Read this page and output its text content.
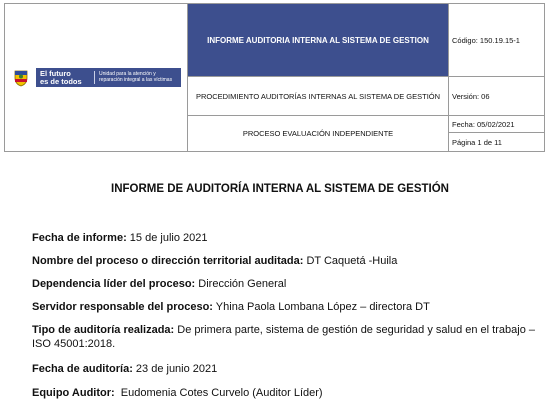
El futuro
es de todos
Unidad para la atención y reparación integral a las víctimas	INFORME AUDITORIA INTERNA AL SISTEMA DE GESTION	Código: 150.19.15-1
	PROCEDIMIENTO AUDITORÍAS INTERNAS AL SISTEMA DE GESTIÓN	Versión: 06
	PROCESO EVALUACIÓN INDEPENDIENTE	Fecha: 05/02/2021
		Página 1 de 11
INFORME DE AUDITORÍA INTERNA AL SISTEMA DE GESTIÓN
Fecha de informe: 15 de julio 2021
Nombre del proceso o dirección territorial auditada: DT Caquetá -Huila
Dependencia líder del proceso: Dirección General
Servidor responsable del proceso: Yhina Paola Lombana López – directora DT
Tipo de auditoría realizada: De primera parte, sistema de gestión de seguridad y salud en el trabajo – ISO 45001:2018.
Fecha de auditoría: 23 de junio 2021
Equipo Auditor:  Eudomenia Cotes Curvelo (Auditor Líder)
